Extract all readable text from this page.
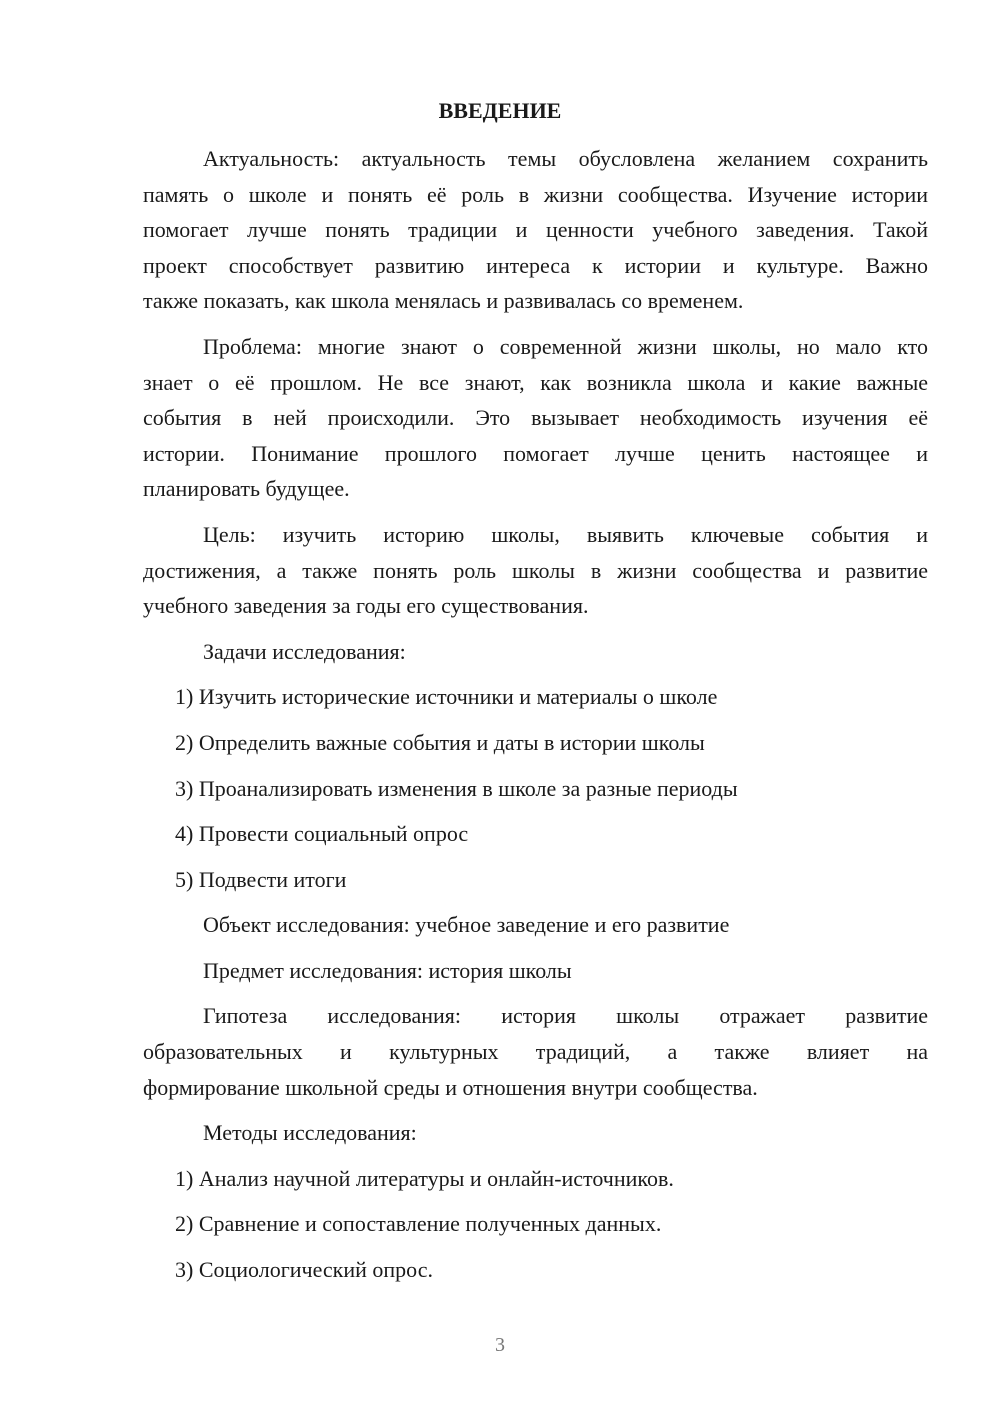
ВВЕДЕНИЕ

Актуальность: актуальность темы обусловлена желанием сохранить
память о школе и понять её роль в жизни сообщества. Изучение истории
помогает лучше понять традиции и ценности учебного заведения. Такой
проект способствует развитию интереса к истории и культуре. Важно
также показать, как школа менялась и развивалась со временем.

Проблема: многие знают о современной жизни школы, но мало кто
знает о её прошлом. Не все знают, как возникла школа и какие важные
события в ней происходили. Это вызывает необходимость изучения её
истории. Понимание прошлого помогает лучше ценить настоящее и
планировать будущее.

Цель: изучить историю школы, выявить ключевые события и
достижения, а также понять роль школы в жизни сообщества и развитие
учебного заведения за годы его существования.

Задачи исследования:

1) Изучить исторические источники и материалы о школе

2) Определить важные события и даты в истории школы

3) Проанализировать изменения в школе за разные периоды

4) Провести социальный опрос

5) Подвести итоги

Объект исследования: учебное заведение и его развитие

Предмет исследования: история школы

Гипотеза исследования: история школы отражает развитие
образовательных и культурных традиций, а также влияет на
формирование школьной среды и отношения внутри сообщества.

Методы исследования:

1) Анализ научной литературы и онлайн-источников.

2) Сравнение и сопоставление полученных данных.

3) Социологический опрос.

3
